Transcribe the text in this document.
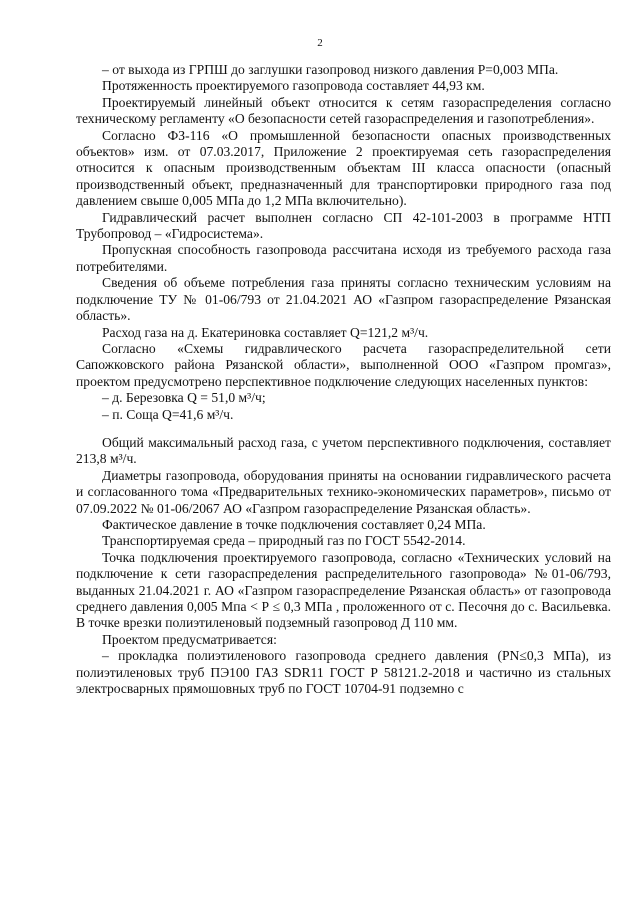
2

– от выхода из ГРПШ до заглушки газопровод низкого давления Р=0,003 МПа.

Протяженность проектируемого газопровода составляет 44,93 км.

Проектируемый линейный объект относится к сетям газораспределения согласно техническому регламенту «О безопасности сетей газораспределения и газопотребления».

Согласно ФЗ-116 «О промышленной безопасности опасных производственных объектов» изм. от 07.03.2017, Приложение 2 проектируемая сеть газораспределения относится к опасным производственным объектам III класса опасности (опасный производственный объект, предназначенный для транспортировки природного газа под давлением свыше 0,005 МПа до 1,2 МПа включительно).

Гидравлический расчет выполнен согласно СП 42-101-2003 в программе НТП Трубопровод – «Гидросистема».

Пропускная способность газопровода рассчитана исходя из требуемого расхода газа потребителями.

Сведения об объеме потребления газа приняты согласно техническим условиям на подключение ТУ № 01-06/793 от 21.04.2021 АО «Газпром газораспределение Рязанская область».

Расход газа на д. Екатериновка составляет Q=121,2 м³/ч.

Согласно «Схемы гидравлического расчета газораспределительной сети Сапожковского района Рязанской области», выполненной ООО «Газпром промгаз», проектом предусмотрено перспективное подключение следующих населенных пунктов:

– д. Березовка Q = 51,0 м³/ч;

– п. Соща Q=41,6 м³/ч.

Общий максимальный расход газа, с учетом перспективного подключения, составляет 213,8 м³/ч.

Диаметры газопровода, оборудования приняты на основании гидравлического расчета и согласованного тома «Предварительных технико-экономических параметров», письмо от 07.09.2022 № 01-06/2067 АО «Газпром газораспределение Рязанская область».

Фактическое давление в точке подключения составляет 0,24 МПа.

Транспортируемая среда – природный газ по ГОСТ 5542-2014.

Точка подключения проектируемого газопровода, согласно «Технических условий на подключение к сети газораспределения распределительного газопровода» №01-06/793, выданных 21.04.2021 г. АО «Газпром газораспределение Рязанская область» от газопровода среднего давления 0,005 Мпа < Р ≤ 0,3 МПа , проложенного от с. Песочня до с. Васильевка. В точке врезки полиэтиленовый подземный газопровод Д 110 мм.

Проектом предусматривается:

– прокладка полиэтиленового газопровода среднего давления (PN≤0,3 МПа), из полиэтиленовых труб ПЭ100 ГАЗ SDR11 ГОСТ Р 58121.2-2018 и частично из стальных электросварных прямошовных труб по ГОСТ 10704-91 подземно с
